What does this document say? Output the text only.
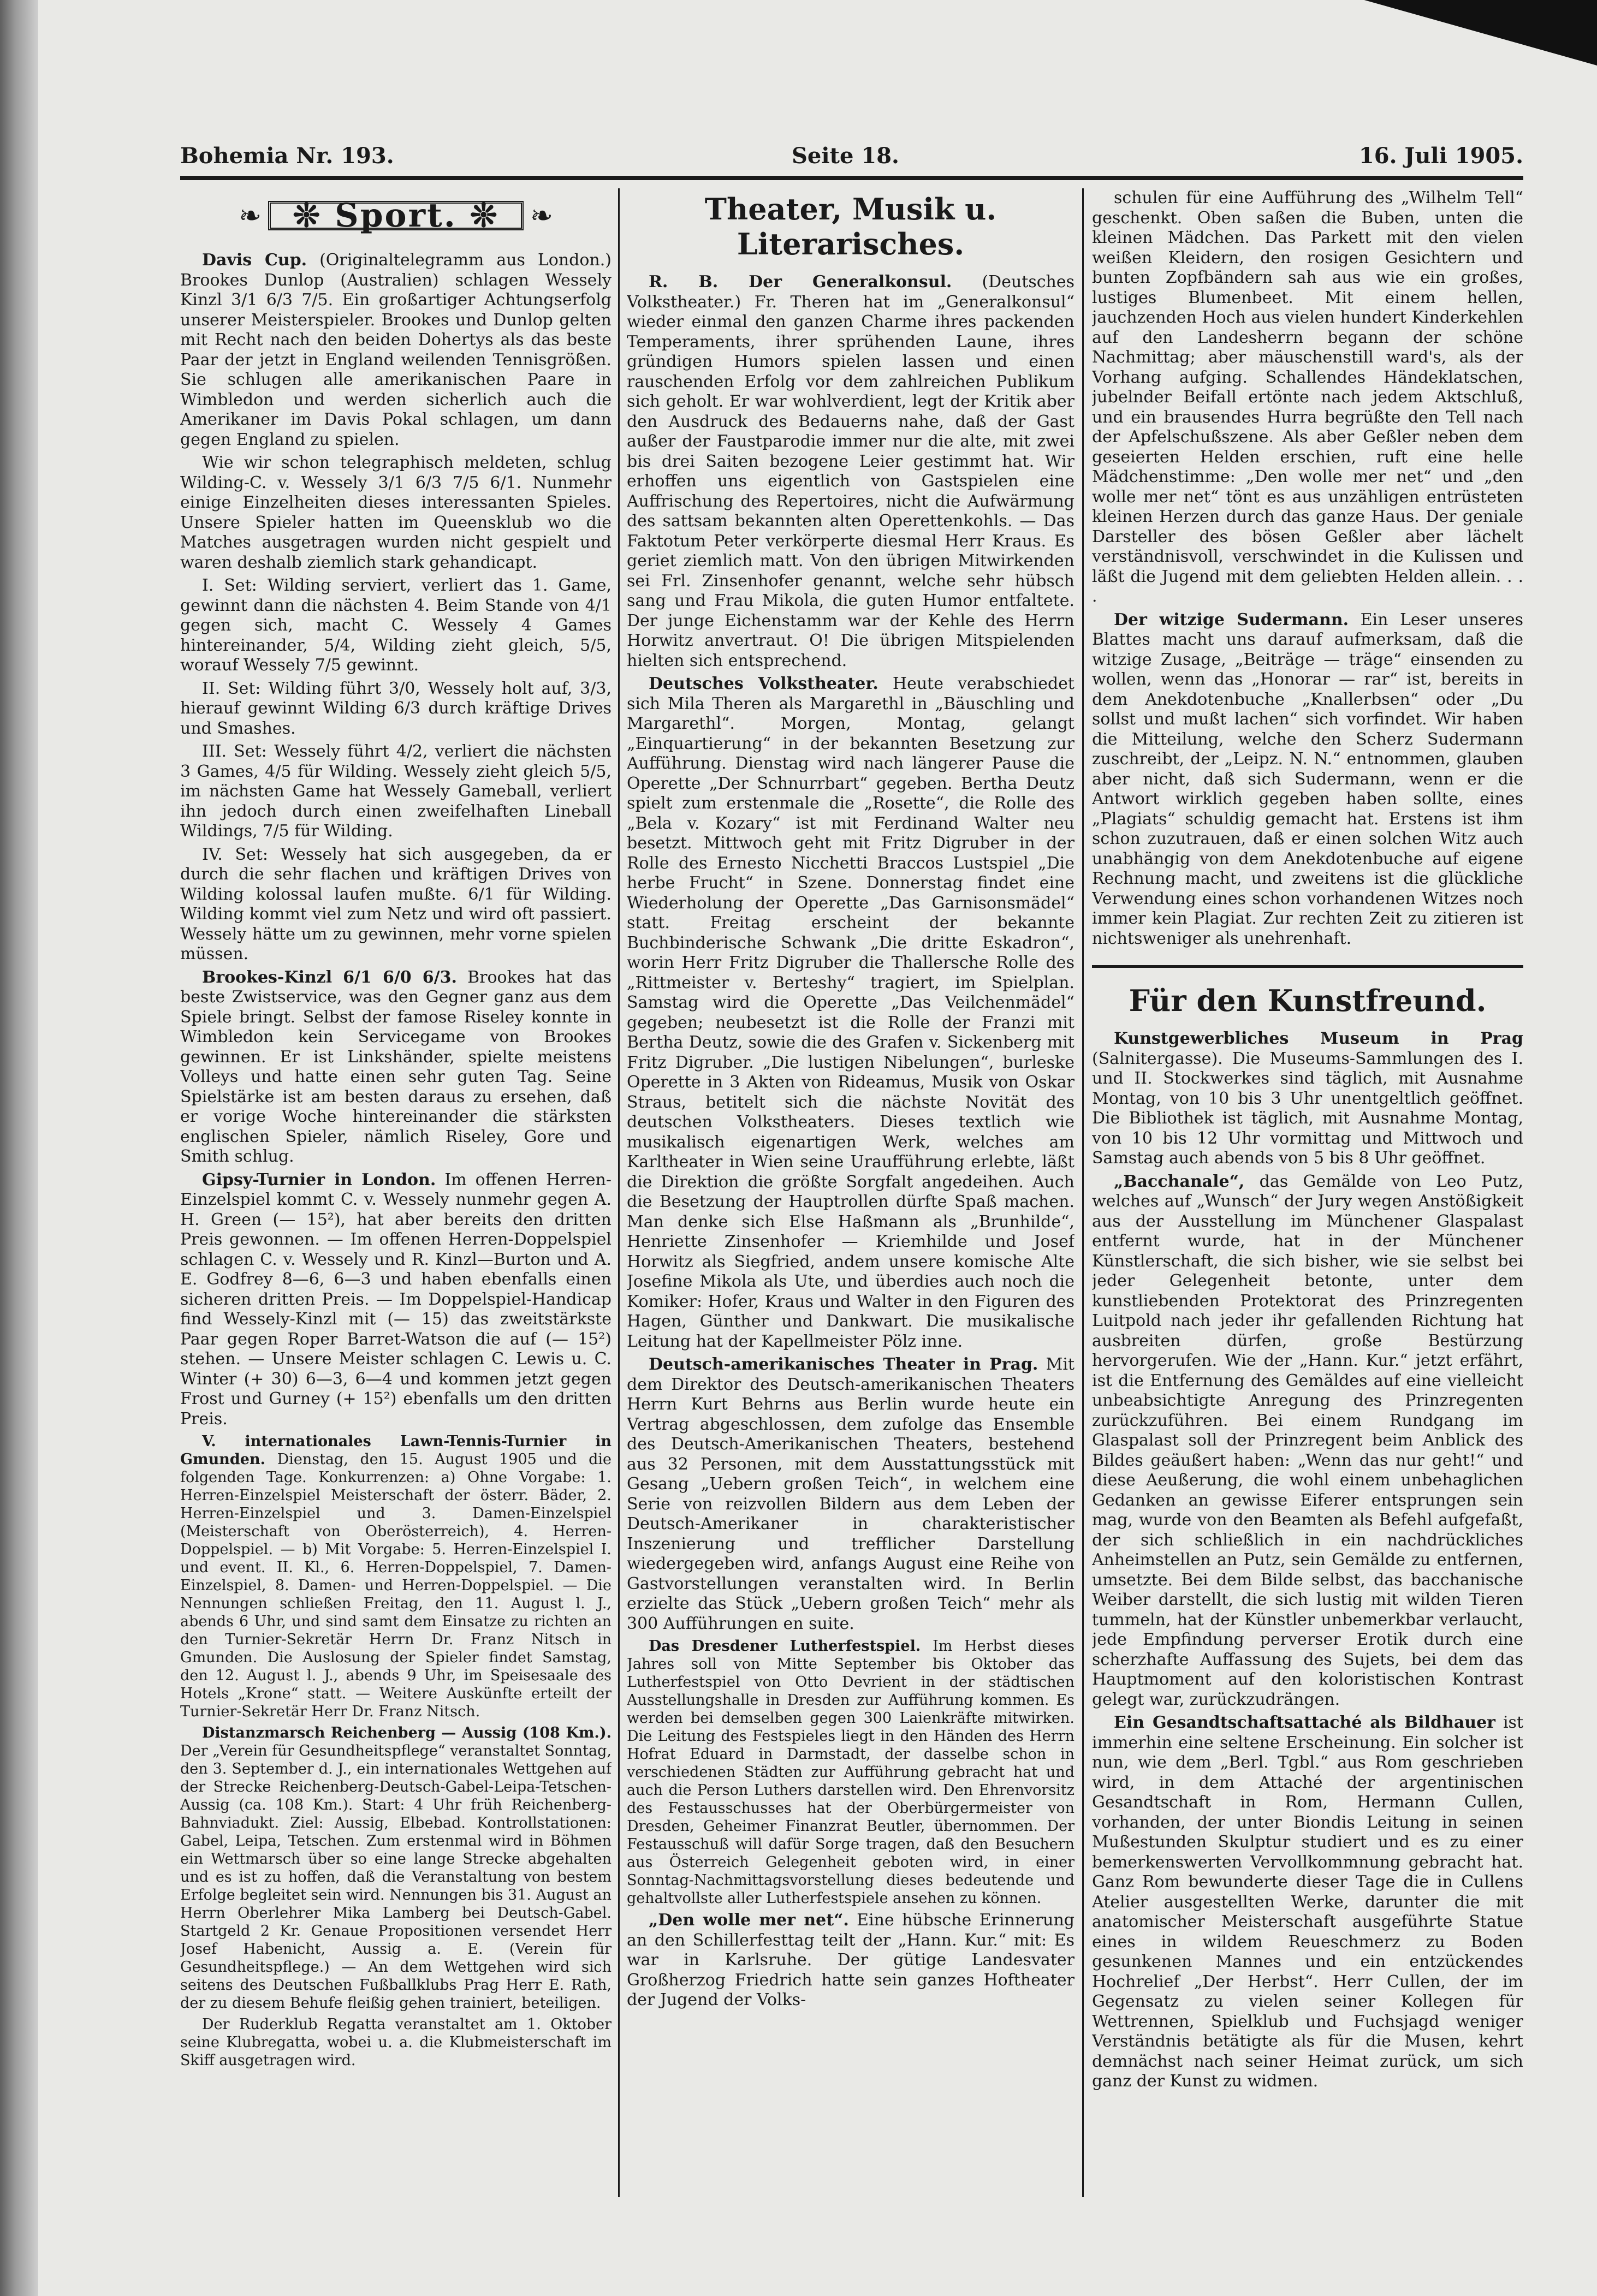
Bohemia Nr. 193.	Seite 18.	16. Juli 1905.
❧ ❊ Sport. ❊	❧

Davis Cup. (Originaltelegramm aus London.) Brookes Dunlop (Australien) schlagen Wessely Kinzl 3/1 6/3 7/5. Ein großartiger Achtungserfolg unserer Meisterspieler. Brookes und Dunlop gelten mit Recht nach den beiden Dohertys als das beste Paar der jetzt in England weilenden Tennisgrößen. Sie schlugen alle amerikanischen Paare in Wimbledon und werden sicherlich auch die Amerikaner im Davis Pokal schlagen, um dann gegen England zu spielen.

Wie wir schon telegraphisch meldeten, schlug Wilding-C. v. Wessely 3/1 6/3 7/5 6/1. Nunmehr einige Einzelheiten dieses interessanten Spieles. Unsere Spieler hatten im Queensklub wo die Matches ausgetragen wurden nicht gespielt und waren deshalb ziemlich stark gehandicapt.

I. Set: Wilding serviert, verliert das 1. Game, gewinnt dann die nächsten 4. Beim Stande von 4/1 gegen sich, macht C. Wessely 4 Games hintereinander, 5/4, Wilding zieht gleich, 5/5, worauf Wessely 7/5 gewinnt.

II. Set: Wilding führt 3/0, Wessely holt auf, 3/3, hierauf gewinnt Wilding 6/3 durch kräftige Drives und Smashes.

III. Set: Wessely führt 4/2, verliert die nächsten 3 Games, 4/5 für Wilding. Wessely zieht gleich 5/5, im nächsten Game hat Wessely Gameball, verliert ihn jedoch durch einen zweifelhaften Lineball Wildings, 7/5 für Wilding.

IV. Set: Wessely hat sich ausgegeben, da er durch die sehr flachen und kräftigen Drives von Wilding kolossal laufen mußte. 6/1 für Wilding. Wilding kommt viel zum Netz und wird oft passiert. Wessely hätte um zu gewinnen, mehr vorne spielen müssen.

Brookes-Kinzl 6/1 6/0 6/3. Brookes hat das beste Zwistservice, was den Gegner ganz aus dem Spiele bringt. Selbst der famose Riseley konnte in Wimbledon kein Servicegame von Brookes gewinnen. Er ist Linkshänder, spielte meistens Volleys und hatte einen sehr guten Tag. Seine Spielstärke ist am besten daraus zu ersehen, daß er vorige Woche hintereinander die stärksten englischen Spieler, nämlich Riseley, Gore und Smith schlug.

Gipsy-Turnier in London. Im offenen Herren-Einzelspiel kommt C. v. Wessely nunmehr gegen A. H. Green (— 15²), hat aber bereits den dritten Preis gewonnen. — Im offenen Herren-Doppelspiel schlagen C. v. Wessely und R. Kinzl—Burton und A. E. Godfrey 8—6, 6—3 und haben ebenfalls einen sicheren dritten Preis. — Im Doppelspiel-Handicap find Wessely-Kinzl mit (— 15) das zweitstärkste Paar gegen Roper Barret-Watson die auf (— 15²) stehen. — Unsere Meister schlagen C. Lewis u. C. Winter (+ 30) 6—3, 6—4 und kommen jetzt gegen Frost und Gurney (+ 15²) ebenfalls um den dritten Preis.

V. internationales Lawn-Tennis-Turnier in Gmunden. Dienstag, den 15. August 1905 und die folgenden Tage. Konkurrenzen: a) Ohne Vorgabe: 1. Herren-Einzelspiel Meisterschaft der österr. Bäder, 2. Herren-Einzelspiel und 3. Damen-Einzelspiel (Meisterschaft von Oberösterreich), 4. Herren-Doppelspiel. — b) Mit Vorgabe: 5. Herren-Einzelspiel I. und event. II. Kl., 6. Herren-Doppelspiel, 7. Damen-Einzelspiel, 8. Damen- und Herren-Doppelspiel. — Die Nennungen schließen Freitag, den 11. August l. J., abends 6 Uhr, und sind samt dem Einsatze zu richten an den Turnier-Sekretär Herrn Dr. Franz Nitsch in Gmunden. Die Auslosung der Spieler findet Samstag, den 12. August l. J., abends 9 Uhr, im Speisesaale des Hotels „Krone“ statt. — Weitere Auskünfte erteilt der Turnier-Sekretär Herr Dr. Franz Nitsch.

Distanzmarsch Reichenberg — Aussig (108 Km.). Der „Verein für Gesundheitspflege“ veranstaltet Sonntag, den 3. September d. J., ein internationales Wettgehen auf der Strecke Reichenberg-Deutsch-Gabel-Leipa-Tetschen-Aussig (ca. 108 Km.). Start: 4 Uhr früh Reichenberg-Bahnviadukt. Ziel: Aussig, Elbebad. Kontrollstationen: Gabel, Leipa, Tetschen. Zum erstenmal wird in Böhmen ein Wettmarsch über so eine lange Strecke abgehalten und es ist zu hoffen, daß die Veranstaltung von bestem Erfolge begleitet sein wird. Nennungen bis 31. August an Herrn Oberlehrer Mika Lamberg bei Deutsch-Gabel. Startgeld 2 Kr. Genaue Propositionen versendet Herr Josef Habenicht, Aussig a. E. (Verein für Gesundheitspflege.) — An dem Wettgehen wird sich seitens des Deutschen Fußballklubs Prag Herr E. Rath, der zu diesem Behufe fleißig gehen trainiert, beteiligen.

Der Ruderklub Regatta veranstaltet am 1. Oktober seine Klubregatta, wobei u. a. die Klubmeisterschaft im Skiff ausgetragen wird.

Theater, Musik u. Literarisches.

R. B. Der Generalkonsul. (Deutsches Volkstheater.) Fr. Theren hat im „Generalkonsul“ wieder einmal den ganzen Charme ihres packenden Temperaments, ihrer sprühenden Laune, ihres gründigen Humors spielen lassen und einen rauschenden Erfolg vor dem zahlreichen Publikum sich geholt. Er war wohlverdient, legt der Kritik aber den Ausdruck des Bedauerns nahe, daß der Gast außer der Faustparodie immer nur die alte, mit zwei bis drei Saiten bezogene Leier gestimmt hat. Wir erhoffen uns eigentlich von Gastspielen eine Auffrischung des Repertoires, nicht die Aufwärmung des sattsam bekannten alten Operettenkohls. — Das Faktotum Peter verkörperte diesmal Herr Kraus. Es geriet ziemlich matt. Von den übrigen Mitwirkenden sei Frl. Zinsenhofer genannt, welche sehr hübsch sang und Frau Mikola, die guten Humor entfaltete. Der junge Eichenstamm war der Kehle des Herrn Horwitz anvertraut. O! Die übrigen Mitspielenden hielten sich entsprechend.

Deutsches Volkstheater. Heute verabschiedet sich Mila Theren als Margarethl in „Bäuschling und Margarethl“. Morgen, Montag, gelangt „Einquartierung“ in der bekannten Besetzung zur Aufführung. Dienstag wird nach längerer Pause die Operette „Der Schnurrbart“ gegeben. Bertha Deutz spielt zum erstenmale die „Rosette“, die Rolle des „Bela v. Kozary“ ist mit Ferdinand Walter neu besetzt. Mittwoch geht mit Fritz Digruber in der Rolle des Ernesto Nicchetti Braccos Lustspiel „Die herbe Frucht“ in Szene. Donnerstag findet eine Wiederholung der Operette „Das Garnisonsmädel“ statt. Freitag erscheint der bekannte Buchbinderische Schwank „Die dritte Eskadron“, worin Herr Fritz Digruber die Thallersche Rolle des „Rittmeister v. Berteshy“ tragiert, im Spielplan. Samstag wird die Operette „Das Veilchenmädel“ gegeben; neubesetzt ist die Rolle der Franzi mit Bertha Deutz, sowie die des Grafen v. Sickenberg mit Fritz Digruber. „Die lustigen Nibelungen“, burleske Operette in 3 Akten von Rideamus, Musik von Oskar Straus, betitelt sich die nächste Novität des deutschen Volkstheaters. Dieses textlich wie musikalisch eigenartigen Werk, welches am Karltheater in Wien seine Uraufführung erlebte, läßt die Direktion die größte Sorgfalt angedeihen. Auch die Besetzung der Hauptrollen dürfte Spaß machen. Man denke sich Else Haßmann als „Brunhilde“, Henriette Zinsenhofer — Kriemhilde und Josef Horwitz als Siegfried, andem unsere komische Alte Josefine Mikola als Ute, und überdies auch noch die Komiker: Hofer, Kraus und Walter in den Figuren des Hagen, Günther und Dankwart. Die musikalische Leitung hat der Kapellmeister Pölz inne.

Deutsch-amerikanisches Theater in Prag. Mit dem Direktor des Deutsch-amerikanischen Theaters Herrn Kurt Behrns aus Berlin wurde heute ein Vertrag abgeschlossen, dem zufolge das Ensemble des Deutsch-Amerikanischen Theaters, bestehend aus 32 Personen, mit dem Ausstattungsstück mit Gesang „Uebern großen Teich“, in welchem eine Serie von reizvollen Bildern aus dem Leben der Deutsch-Amerikaner in charakteristischer Inszenierung und trefflicher Darstellung wiedergegeben wird, anfangs August eine Reihe von Gastvorstellungen veranstalten wird. In Berlin erzielte das Stück „Uebern großen Teich“ mehr als 300 Aufführungen en suite.

Das Dresdener Lutherfestspiel. Im Herbst dieses Jahres soll von Mitte September bis Oktober das Lutherfestspiel von Otto Devrient in der städtischen Ausstellungshalle in Dresden zur Aufführung kommen. Es werden bei demselben gegen 300 Laienkräfte mitwirken. Die Leitung des Festspieles liegt in den Händen des Herrn Hofrat Eduard in Darmstadt, der dasselbe schon in verschiedenen Städten zur Aufführung gebracht hat und auch die Person Luthers darstellen wird. Den Ehrenvorsitz des Festausschusses hat der Oberbürgermeister von Dresden, Geheimer Finanzrat Beutler, übernommen. Der Festausschuß will dafür Sorge tragen, daß den Besuchern aus Österreich Gelegenheit geboten wird, in einer Sonntag-Nachmittagsvorstellung dieses bedeutende und gehaltvollste aller Lutherfestspiele ansehen zu können.

„Den wolle mer net“. Eine hübsche Erinnerung an den Schillerfesttag teilt der „Hann. Kur.“ mit: Es war in Karlsruhe. Der gütige Landesvater Großherzog Friedrich hatte sein ganzes Hoftheater der Jugend der Volks-

schulen für eine Aufführung des „Wilhelm Tell“ geschenkt. Oben saßen die Buben, unten die kleinen Mädchen. Das Parkett mit den vielen weißen Kleidern, den rosigen Gesichtern und bunten Zopfbändern sah aus wie ein großes, lustiges Blumenbeet. Mit einem hellen, jauchzenden Hoch aus vielen hundert Kinderkehlen auf den Landesherrn begann der schöne Nachmittag; aber mäuschenstill ward's, als der Vorhang aufging. Schallendes Händeklatschen, jubelnder Beifall ertönte nach jedem Aktschluß, und ein brausendes Hurra begrüßte den Tell nach der Apfelschußszene. Als aber Geßler neben dem geseierten Helden erschien, ruft eine helle Mädchenstimme: „Den wolle mer net“ und „den wolle mer net“ tönt es aus unzähligen entrüsteten kleinen Herzen durch das ganze Haus. Der geniale Darsteller des bösen Geßler aber lächelt verständnisvoll, verschwindet in die Kulissen und läßt die Jugend mit dem geliebten Helden allein. . . .

Der witzige Sudermann. Ein Leser unseres Blattes macht uns darauf aufmerksam, daß die witzige Zusage, „Beiträge — träge“ einsenden zu wollen, wenn das „Honorar — rar“ ist, bereits in dem Anekdotenbuche „Knallerbsen“ oder „Du sollst und mußt lachen“ sich vorfindet. Wir haben die Mitteilung, welche den Scherz Sudermann zuschreibt, der „Leipz. N. N.“ entnommen, glauben aber nicht, daß sich Sudermann, wenn er die Antwort wirklich gegeben haben sollte, eines „Plagiats“ schuldig gemacht hat. Erstens ist ihm schon zuzutrauen, daß er einen solchen Witz auch unabhängig von dem Anekdotenbuche auf eigene Rechnung macht, und zweitens ist die glückliche Verwendung eines schon vorhandenen Witzes noch immer kein Plagiat. Zur rechten Zeit zu zitieren ist nichtsweniger als unehrenhaft.

Für den Kunstfreund.

Kunstgewerbliches Museum in Prag (Salnitergasse). Die Museums-Sammlungen des I. und II. Stockwerkes sind täglich, mit Ausnahme Montag, von 10 bis 3 Uhr unentgeltlich geöffnet. Die Bibliothek ist täglich, mit Ausnahme Montag, von 10 bis 12 Uhr vormittag und Mittwoch und Samstag auch abends von 5 bis 8 Uhr geöffnet.

„Bacchanale“, das Gemälde von Leo Putz, welches auf „Wunsch“ der Jury wegen Anstößigkeit aus der Ausstellung im Münchener Glaspalast entfernt wurde, hat in der Münchener Künstlerschaft, die sich bisher, wie sie selbst bei jeder Gelegenheit betonte, unter dem kunstliebenden Protektorat des Prinzregenten Luitpold nach jeder ihr gefallenden Richtung hat ausbreiten dürfen, große Bestürzung hervorgerufen. Wie der „Hann. Kur.“ jetzt erfährt, ist die Entfernung des Gemäldes auf eine vielleicht unbeabsichtigte Anregung des Prinzregenten zurückzuführen. Bei einem Rundgang im Glaspalast soll der Prinzregent beim Anblick des Bildes geäußert haben: „Wenn das nur geht!“ und diese Aeußerung, die wohl einem unbehaglichen Gedanken an gewisse Eiferer entsprungen sein mag, wurde von den Beamten als Befehl aufgefaßt, der sich schließlich in ein nachdrückliches Anheimstellen an Putz, sein Gemälde zu entfernen, umsetzte. Bei dem Bilde selbst, das bacchanische Weiber darstellt, die sich lustig mit wilden Tieren tummeln, hat der Künstler unbemerkbar verlaucht, jede Empfindung perverser Erotik durch eine scherzhafte Auffassung des Sujets, bei dem das Hauptmoment auf den koloristischen Kontrast gelegt war, zurückzudrängen.

Ein Gesandtschaftsattaché als Bildhauer ist immerhin eine seltene Erscheinung. Ein solcher ist nun, wie dem „Berl. Tgbl.“ aus Rom geschrieben wird, in dem Attaché der argentinischen Gesandtschaft in Rom, Hermann Cullen, vorhanden, der unter Biondis Leitung in seinen Mußestunden Skulptur studiert und es zu einer bemerkenswerten Vervollkommnung gebracht hat. Ganz Rom bewunderte dieser Tage die in Cullens Atelier ausgestellten Werke, darunter die mit anatomischer Meisterschaft ausgeführte Statue eines in wildem Reueschmerz zu Boden gesunkenen Mannes und ein entzückendes Hochrelief „Der Herbst“. Herr Cullen, der im Gegensatz zu vielen seiner Kollegen für Wettrennen, Spielklub und Fuchsjagd weniger Verständnis betätigte als für die Musen, kehrt demnächst nach seiner Heimat zurück, um sich ganz der Kunst zu widmen.
